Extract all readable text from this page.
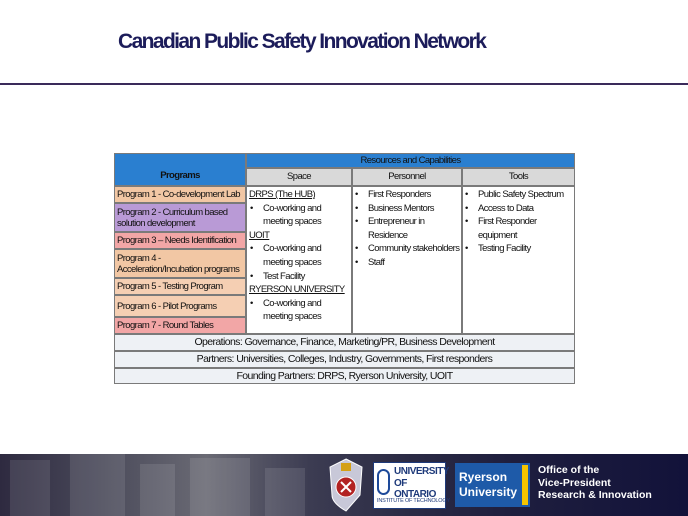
Canadian Public Safety Innovation Network
Programs
Resources and Capabilities
Space	Personnel	Tools
Program 1 - Co-development Lab
Program 2 - Curriculum based solution development
Program 3 – Needs Identification
Program 4 -Acceleration/Incubation programs
Program 5 - Testing Program
Program 6 - Pilot Programs
Program 7 - Round Tables
DRPS (The HUB)
• Co-working and meeting spaces
UOIT
• Co-working and meeting spaces
• Test Facility
RYERSON UNIVERSITY
• Co-working and meeting spaces
• First Responders
• Business Mentors
• Entrepreneur in Residence
• Community stakeholders
• Staff
• Public Safety Spectrum
• Access to Data
• First Responder equipment
• Testing Facility
Operations: Governance, Finance, Marketing/PR, Business Development
Partners: Universities, Colleges, Industry, Governments, First responders
Founding Partners: DRPS, Ryerson University, UOIT
UNIVERSITY
OF ONTARIO
INSTITUTE OF TECHNOLOGY
Ryerson
University
Office of the
Vice-President
Research & Innovation
